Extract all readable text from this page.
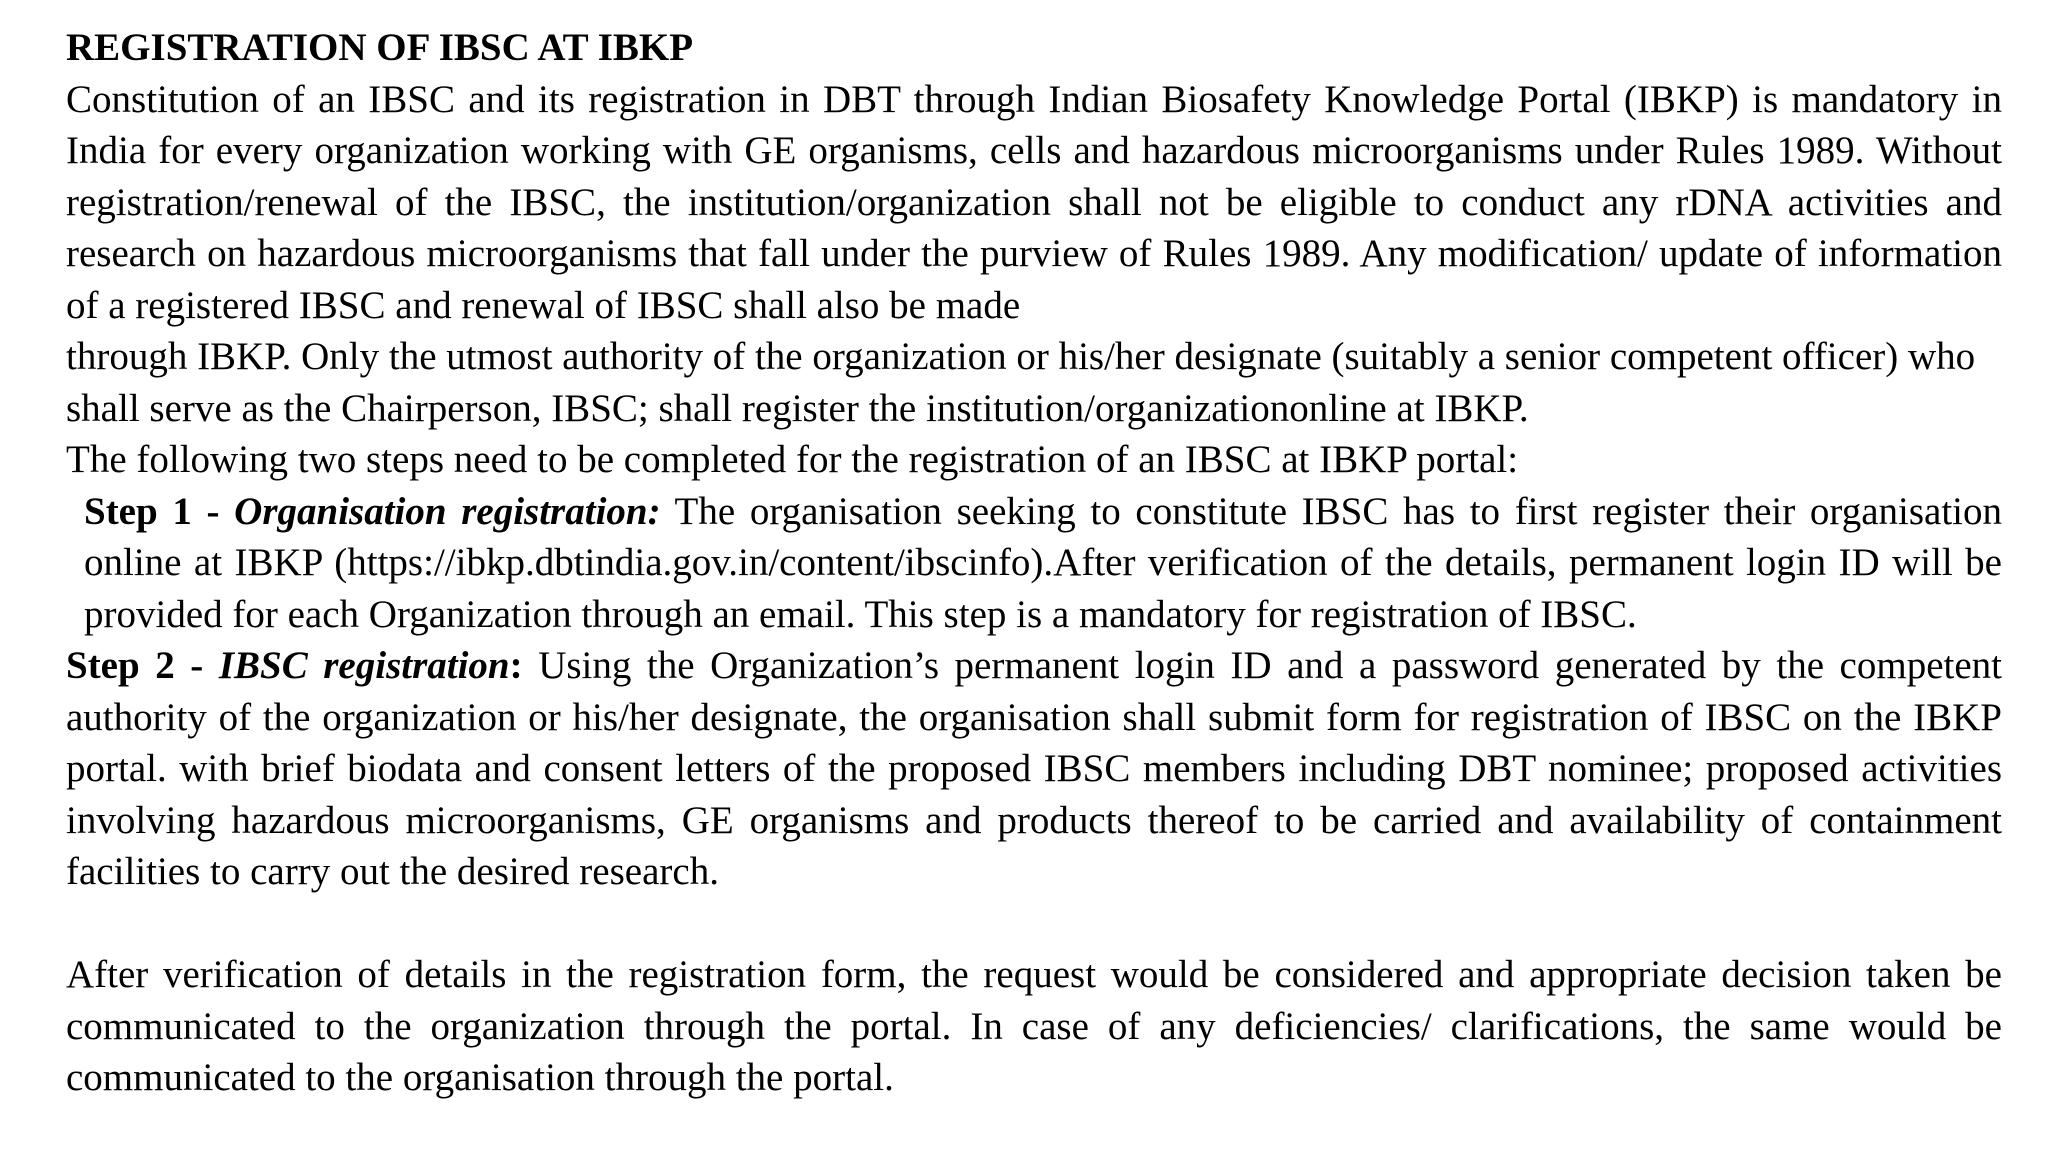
REGISTRATION OF IBSC AT IBKP

Constitution of an IBSC and its registration in DBT through Indian Biosafety Knowledge Portal (IBKP) is mandatory in India for every organization working with GE organisms, cells and hazardous microorganisms under Rules 1989. Without registration/renewal of the IBSC, the institution/organization shall not be eligible to conduct any rDNA activities and research on hazardous microorganisms that fall under the purview of Rules 1989. Any modification/ update of information of a registered IBSC and renewal of IBSC shall also be made

through IBKP. Only the utmost authority of the organization or his/her designate (suitably a senior competent officer) who shall serve as the Chairperson, IBSC; shall register the institution/organizationonline at IBKP.

The following two steps need to be completed for the registration of an IBSC at IBKP portal:

Step 1 - Organisation registration: The organisation seeking to constitute IBSC has to first register their organisation online at IBKP (https://ibkp.dbtindia.gov.in/content/ibscinfo).After verification of the details, permanent login ID will be provided for each Organization through an email. This step is a mandatory for registration of IBSC.

Step 2 - IBSC registration: Using the Organization’s permanent login ID and a password generated by the competent authority of the organization or his/her designate, the organisation shall submit form for registration of IBSC on the IBKP portal. with brief biodata and consent letters of the proposed IBSC members including DBT nominee; proposed activities involving hazardous microorganisms, GE organisms and products thereof to be carried and availability of containment facilities to carry out the desired research.

After verification of details in the registration form, the request would be considered and appropriate decision taken be communicated to the organization through the portal. In case of any deficiencies/ clarifications, the same would be communicated to the organisation through the portal.
